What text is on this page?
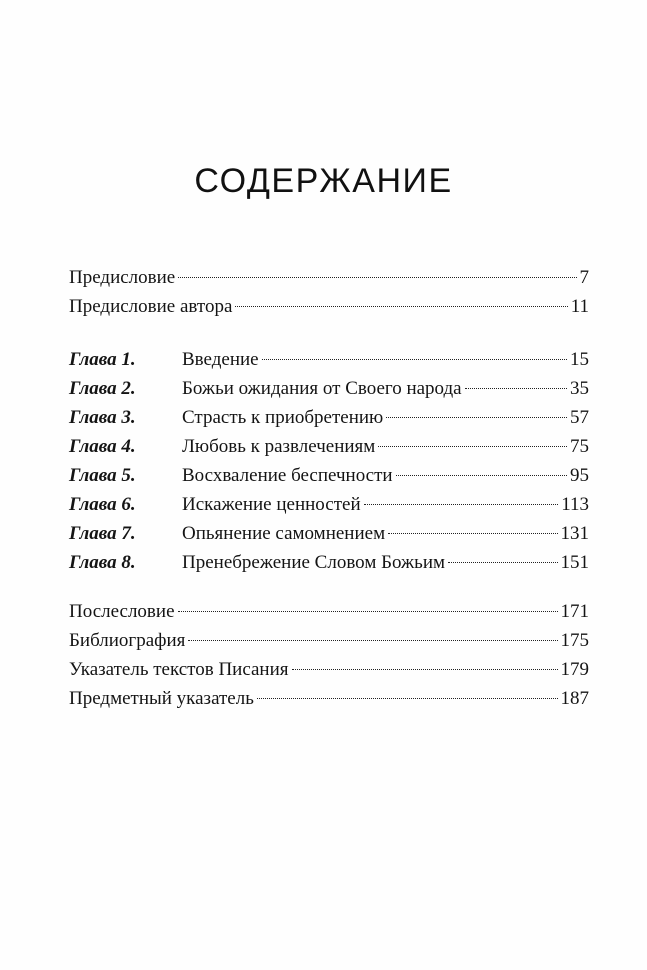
СОДЕРЖАНИЕ
Предисловие	7
Предисловие автора	11
Глава 1.	Введение	15
Глава 2.	Божьи ожидания от Своего народа	35
Глава 3.	Страсть к приобретению	57
Глава 4.	Любовь к развлечениям	75
Глава 5.	Восхваление беспечности	95
Глава 6.	Искажение ценностей	113
Глава 7.	Опьянение самомнением	131
Глава 8.	Пренебрежение Словом Божьим	151
Послесловие	171
Библиография	175
Указатель текстов Писания	179
Предметный указатель	187
